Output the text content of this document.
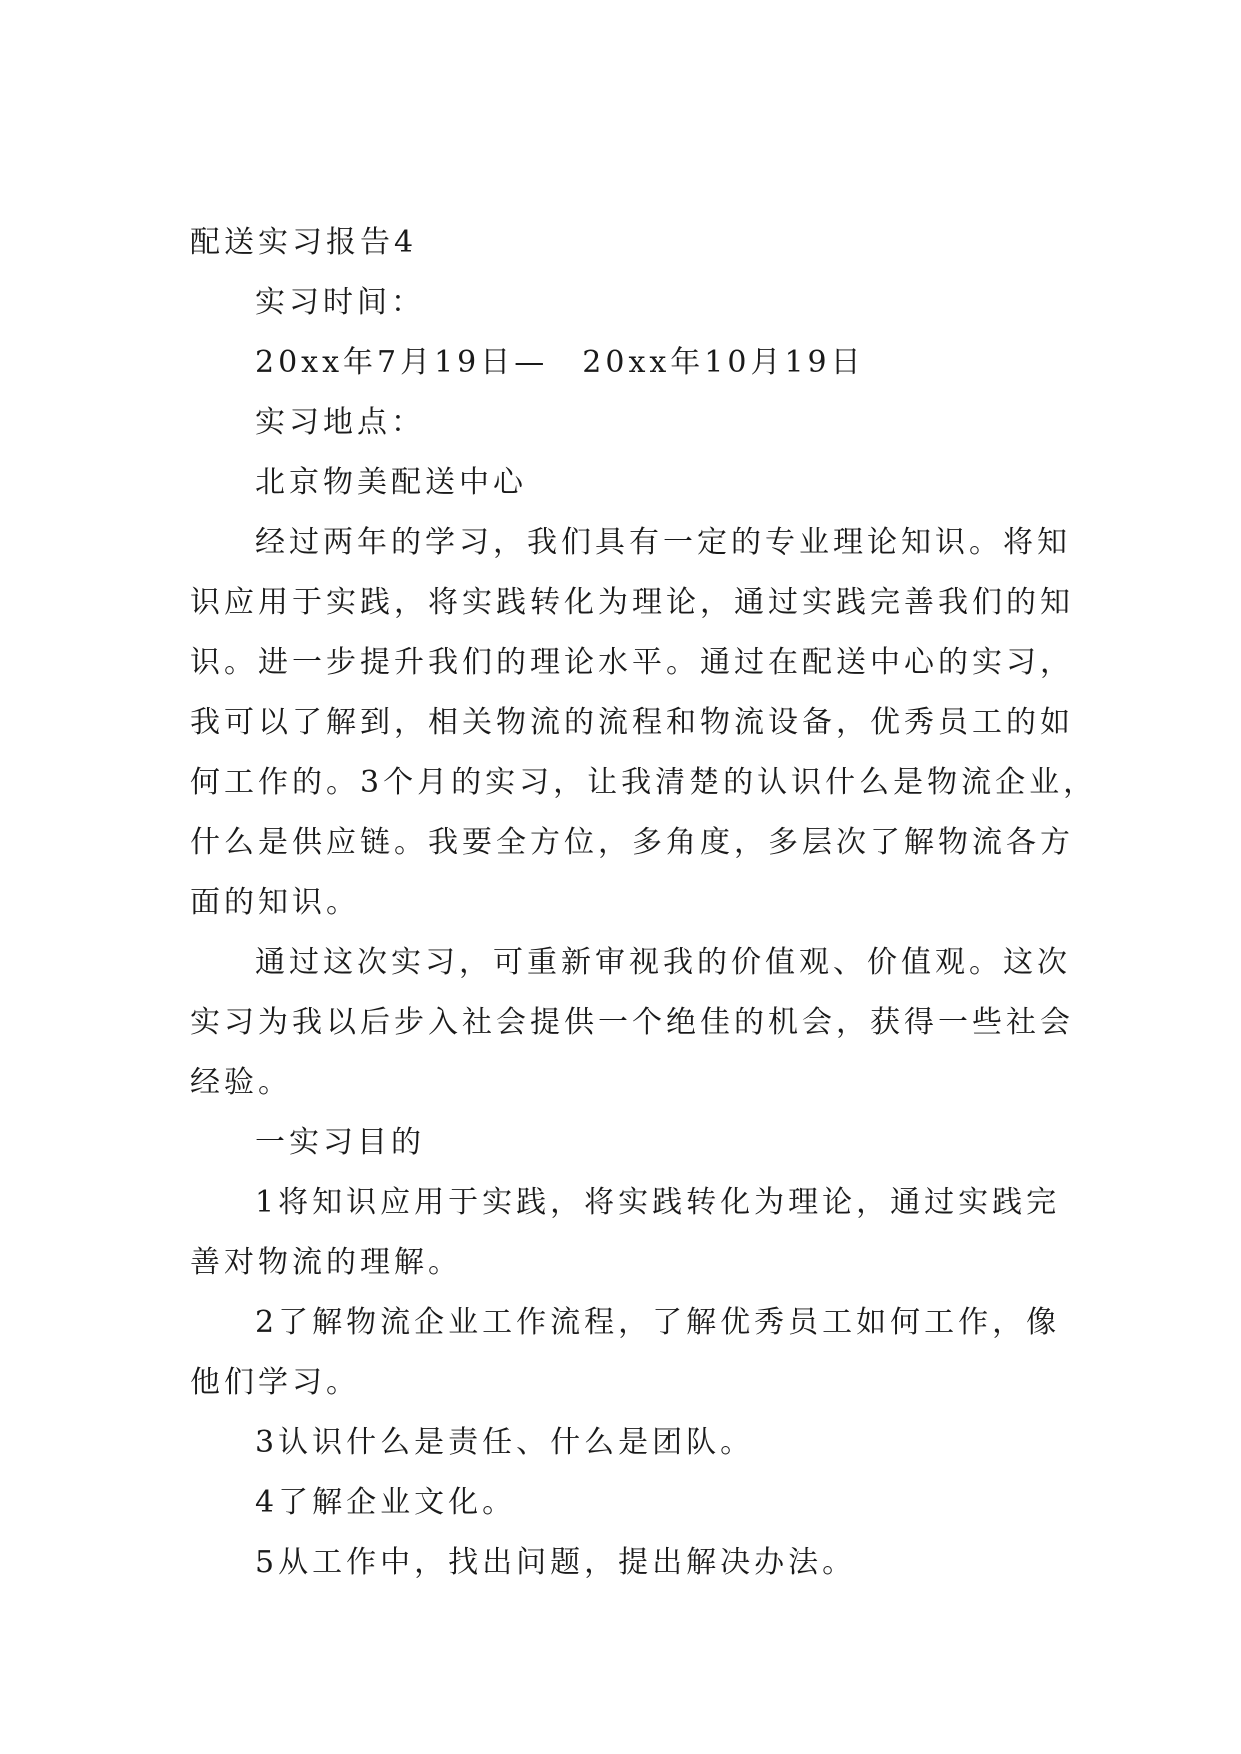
配送实习报告4
实习时间：
20xx年7月19日—　20xx年10月19日
实习地点：
北京物美配送中心
经过两年的学习，我们具有一定的专业理论知识。将知
识应用于实践，将实践转化为理论，通过实践完善我们的知
识。进一步提升我们的理论水平。通过在配送中心的实习，
我可以了解到，相关物流的流程和物流设备，优秀员工的如
何工作的。3个月的实习，让我清楚的认识什么是物流企业，
什么是供应链。我要全方位，多角度，多层次了解物流各方
面的知识。
通过这次实习，可重新审视我的价值观、价值观。这次
实习为我以后步入社会提供一个绝佳的机会，获得一些社会
经验。
一实习目的
1将知识应用于实践，将实践转化为理论，通过实践完
善对物流的理解。
2了解物流企业工作流程，了解优秀员工如何工作，像
他们学习。
3认识什么是责任、什么是团队。
4了解企业文化。
5从工作中，找出问题，提出解决办法。
